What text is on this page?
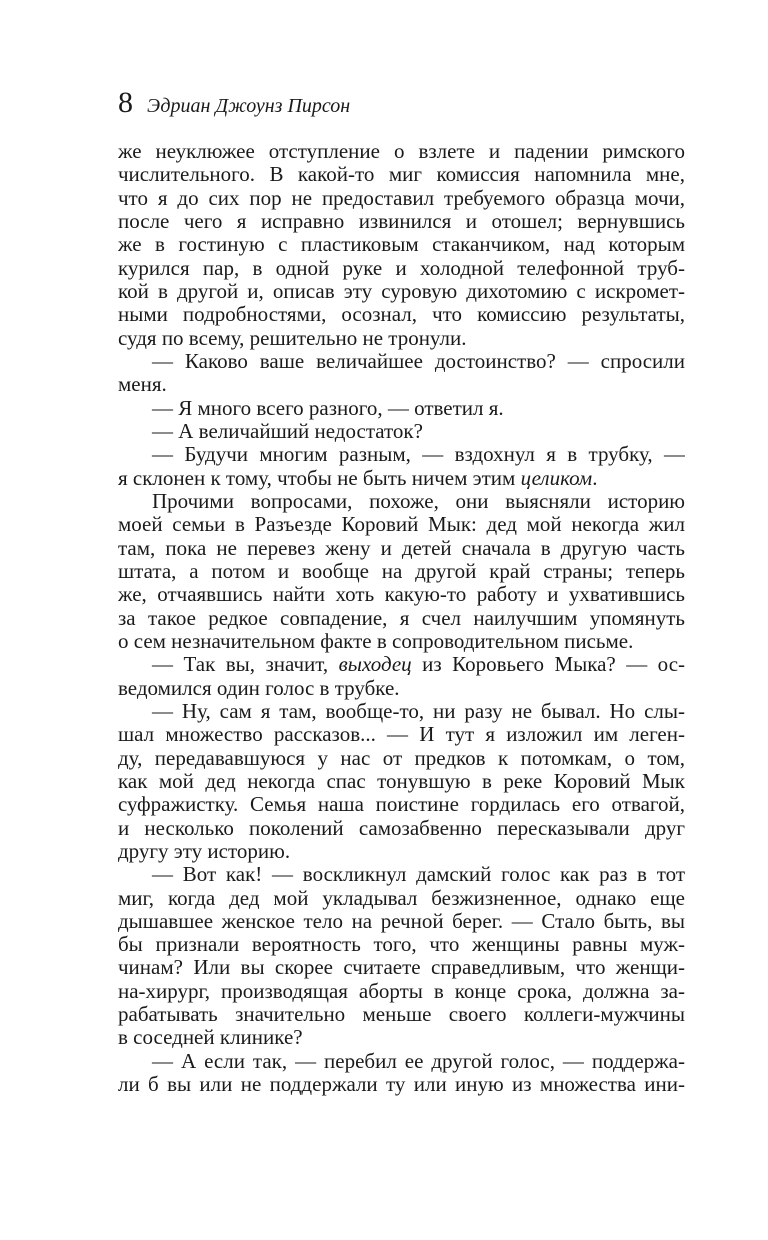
8 Эдриан Джоунз Пирсон
же неуклюжее отступление о взлете и падении римского
числительного. В какой-то миг комиссия напомнила мне,
что я до сих пор не предоставил требуемого образца мочи,
после чего я исправно извинился и отошел; вернувшись
же в гостиную с пластиковым стаканчиком, над которым
курился пар, в одной руке и холодной телефонной труб-
кой в другой и, описав эту суровую дихотомию с искромет-
ными подробностями, осознал, что комиссию результаты,
судя по всему, решительно не тронули.
— Каково ваше величайшее достоинство? — спросили
меня.
— Я много всего разного, — ответил я.
— А величайший недостаток?
— Будучи многим разным, — вздохнул я в трубку, —
я склонен к тому, чтобы не быть ничем этим целиком.
Прочими вопросами, похоже, они выясняли историю
моей семьи в Разъезде Коровий Мык: дед мой некогда жил
там, пока не перевез жену и детей сначала в другую часть
штата, а потом и вообще на другой край страны; теперь
же, отчаявшись найти хоть какую-то работу и ухватившись
за такое редкое совпадение, я счел наилучшим упомянуть
о сем незначительном факте в сопроводительном письме.
— Так вы, значит, выходец из Коровьего Мыка? — ос-
ведомился один голос в трубке.
— Ну, сам я там, вообще-то, ни разу не бывал. Но слы-
шал множество рассказов... — И тут я изложил им леген-
ду, передававшуюся у нас от предков к потомкам, о том,
как мой дед некогда спас тонувшую в реке Коровий Мык
суфражистку. Семья наша поистине гордилась его отвагой,
и несколько поколений самозабвенно пересказывали друг
другу эту историю.
— Вот как! — воскликнул дамский голос как раз в тот
миг, когда дед мой укладывал безжизненное, однако еще
дышавшее женское тело на речной берег. — Стало быть, вы
бы признали вероятность того, что женщины равны муж-
чинам? Или вы скорее считаете справедливым, что женщи-
на-хирург, производящая аборты в конце срока, должна за-
рабатывать значительно меньше своего коллеги-мужчины
в соседней клинике?
— А если так, — перебил ее другой голос, — поддержа-
ли б вы или не поддержали ту или иную из множества ини-
